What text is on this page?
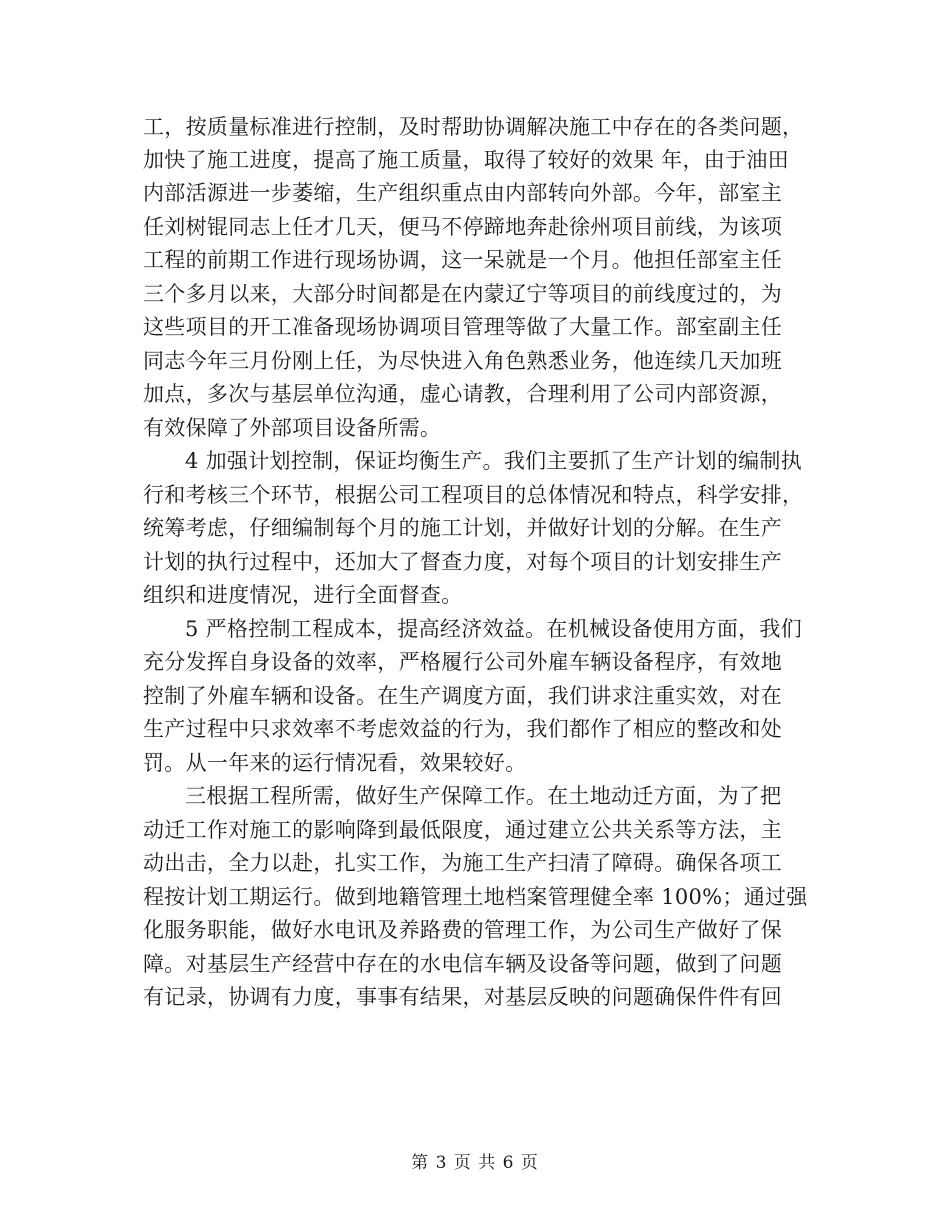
工，按质量标准进行控制，及时帮助协调解决施工中存在的各类问题，
加快了施工进度，提高了施工质量，取得了较好的效果 年，由于油田
内部活源进一步萎缩，生产组织重点由内部转向外部。今年，部室主
任刘树锟同志上任才几天，便马不停蹄地奔赴徐州项目前线，为该项
工程的前期工作进行现场协调，这一呆就是一个月。他担任部室主任
三个多月以来，大部分时间都是在内蒙辽宁等项目的前线度过的，为
这些项目的开工准备现场协调项目管理等做了大量工作。部室副主任
同志今年三月份刚上任，为尽快进入角色熟悉业务，他连续几天加班
加点，多次与基层单位沟通，虚心请教，合理利用了公司内部资源，
有效保障了外部项目设备所需。
4 加强计划控制，保证均衡生产。我们主要抓了生产计划的编制执
行和考核三个环节，根据公司工程项目的总体情况和特点，科学安排，
统筹考虑，仔细编制每个月的施工计划，并做好计划的分解。在生产
计划的执行过程中，还加大了督查力度，对每个项目的计划安排生产
组织和进度情况，进行全面督查。
5 严格控制工程成本，提高经济效益。在机械设备使用方面，我们
充分发挥自身设备的效率，严格履行公司外雇车辆设备程序，有效地
控制了外雇车辆和设备。在生产调度方面，我们讲求注重实效，对在
生产过程中只求效率不考虑效益的行为，我们都作了相应的整改和处
罚。从一年来的运行情况看，效果较好。
三根据工程所需，做好生产保障工作。在土地动迁方面，为了把
动迁工作对施工的影响降到最低限度，通过建立公共关系等方法，主
动出击，全力以赴，扎实工作，为施工生产扫清了障碍。确保各项工
程按计划工期运行。做到地籍管理土地档案管理健全率 100%；通过强
化服务职能，做好水电讯及养路费的管理工作，为公司生产做好了保
障。对基层生产经营中存在的水电信车辆及设备等问题，做到了问题
有记录，协调有力度，事事有结果，对基层反映的问题确保件件有回
第 3 页 共 6 页
